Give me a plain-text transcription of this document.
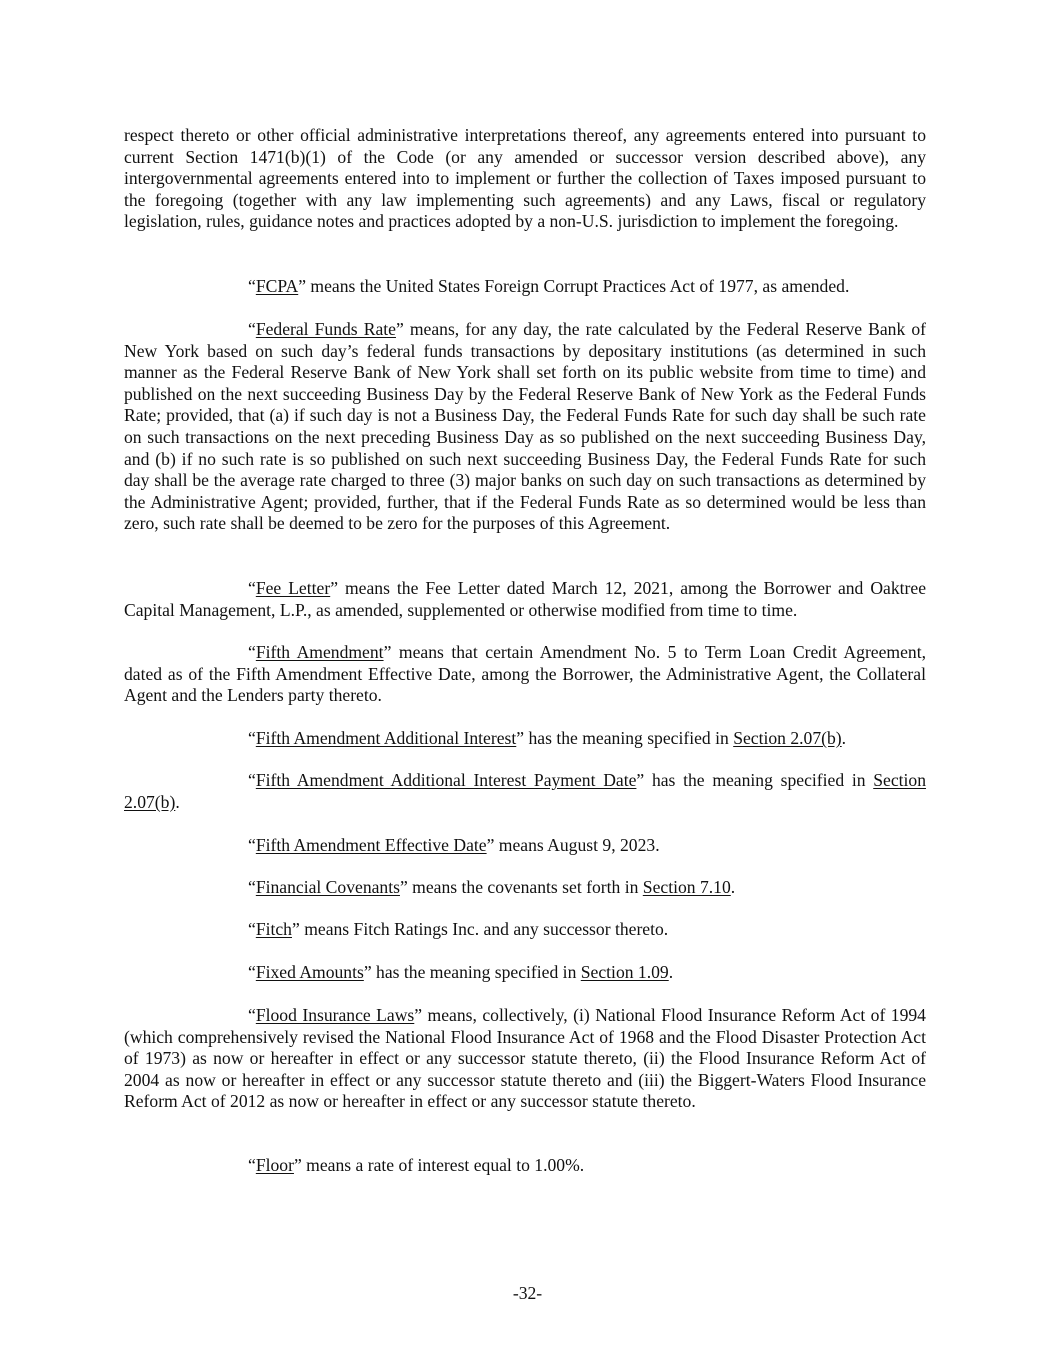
respect thereto or other official administrative interpretations thereof, any agreements entered into pursuant to current Section 1471(b)(1) of the Code (or any amended or successor version described above), any intergovernmental agreements entered into to implement or further the collection of Taxes imposed pursuant to the foregoing (together with any law implementing such agreements) and any Laws, fiscal or regulatory legislation, rules, guidance notes and practices adopted by a non-U.S. jurisdiction to implement the foregoing.

“FCPA” means the United States Foreign Corrupt Practices Act of 1977, as amended.

“Federal Funds Rate” means, for any day, the rate calculated by the Federal Reserve Bank of New York based on such day’s federal funds transactions by depositary institutions (as determined in such manner as the Federal Reserve Bank of New York shall set forth on its public website from time to time) and published on the next succeeding Business Day by the Federal Reserve Bank of New York as the Federal Funds Rate; provided, that (a) if such day is not a Business Day, the Federal Funds Rate for such day shall be such rate on such transactions on the next preceding Business Day as so published on the next succeeding Business Day, and (b) if no such rate is so published on such next succeeding Business Day, the Federal Funds Rate for such day shall be the average rate charged to three (3) major banks on such day on such transactions as determined by the Administrative Agent; provided, further, that if the Federal Funds Rate as so determined would be less than zero, such rate shall be deemed to be zero for the purposes of this Agreement.

“Fee Letter” means the Fee Letter dated March 12, 2021, among the Borrower and Oaktree Capital Management, L.P., as amended, supplemented or otherwise modified from time to time.

“Fifth Amendment” means that certain Amendment No. 5 to Term Loan Credit Agreement, dated as of the Fifth Amendment Effective Date, among the Borrower, the Administrative Agent, the Collateral Agent and the Lenders party thereto.

“Fifth Amendment Additional Interest” has the meaning specified in Section 2.07(b).

“Fifth Amendment Additional Interest Payment Date” has the meaning specified in Section 2.07(b).

“Fifth Amendment Effective Date” means August 9, 2023.

“Financial Covenants” means the covenants set forth in Section 7.10.

“Fitch” means Fitch Ratings Inc. and any successor thereto.

“Fixed Amounts” has the meaning specified in Section 1.09.

“Flood Insurance Laws” means, collectively, (i) National Flood Insurance Reform Act of 1994 (which comprehensively revised the National Flood Insurance Act of 1968 and the Flood Disaster Protection Act of 1973) as now or hereafter in effect or any successor statute thereto, (ii) the Flood Insurance Reform Act of 2004 as now or hereafter in effect or any successor statute thereto and (iii) the Biggert-Waters Flood Insurance Reform Act of 2012 as now or hereafter in effect or any successor statute thereto.

“Floor” means a rate of interest equal to 1.00%.

-32-
